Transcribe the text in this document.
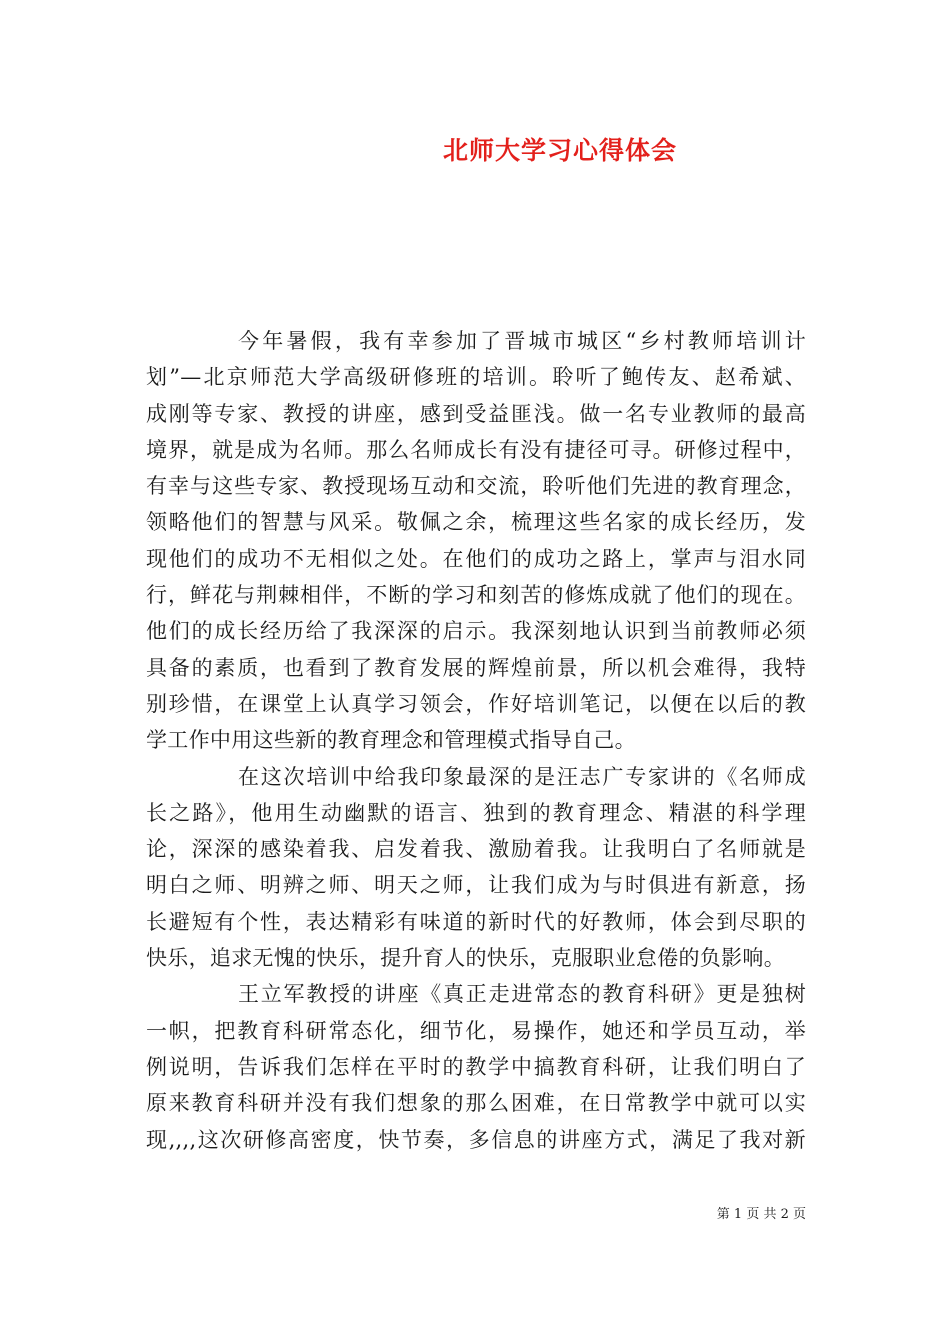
北师大学习心得体会
今年暑假，我有幸参加了晋城市城区“乡村教师培训计
划”—北京师范大学高级研修班的培训。聆听了鲍传友、赵希斌、
成刚等专家、教授的讲座，感到受益匪浅。做一名专业教师的最高
境界，就是成为名师。那么名师成长有没有捷径可寻。研修过程中，
有幸与这些专家、教授现场互动和交流，聆听他们先进的教育理念，
领略他们的智慧与风采。敬佩之余，梳理这些名家的成长经历，发
现他们的成功不无相似之处。在他们的成功之路上，掌声与泪水同
行，鲜花与荆棘相伴，不断的学习和刻苦的修炼成就了他们的现在。
他们的成长经历给了我深深的启示。我深刻地认识到当前教师必须
具备的素质，也看到了教育发展的辉煌前景，所以机会难得，我特
别珍惜，在课堂上认真学习领会，作好培训笔记，以便在以后的教
学工作中用这些新的教育理念和管理模式指导自己。
在这次培训中给我印象最深的是汪志广专家讲的《名师成
长之路》，他用生动幽默的语言、独到的教育理念、精湛的科学理
论，深深的感染着我、启发着我、激励着我。让我明白了名师就是
明白之师、明辨之师、明天之师，让我们成为与时俱进有新意，扬
长避短有个性，表达精彩有味道的新时代的好教师，体会到尽职的
快乐，追求无愧的快乐，提升育人的快乐，克服职业怠倦的负影响。
王立军教授的讲座《真正走进常态的教育科研》更是独树
一帜，把教育科研常态化，细节化，易操作，她还和学员互动，举
例说明，告诉我们怎样在平时的教学中搞教育科研，让我们明白了
原来教育科研并没有我们想象的那么困难，在日常教学中就可以实
现,,,,这次研修高密度，快节奏，多信息的讲座方式，满足了我对新
第 1 页 共 2 页
